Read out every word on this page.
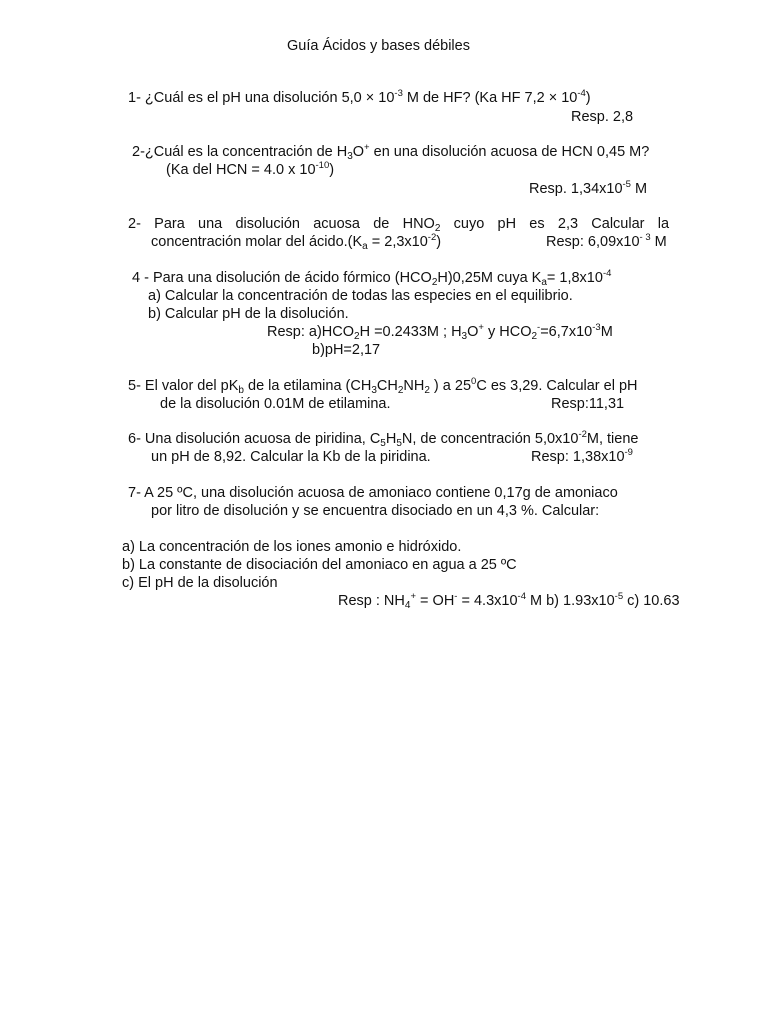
Guía Ácidos y bases débiles
1- ¿Cuál es el pH una disolución $5,0 \times 10^{-3}$ M de HF? (Ka HF $7,2 \times 10^{-4}$)
Resp. 2,8
2-¿Cuál es la concentración de $H_3O^+$ en una disolución acuosa de HCN 0,45 M?
(Ka del HCN = 4.0 x $10^{-10}$)
Resp. $1,34x10^{-5}$ M
2- Para una disolución acuosa de $HNO_2$ cuyo pH es 2,3 Calcular la
concentración molar del $ácido.(K_a = 2,3x10^{-2})$	Resp: $6,09x10^{- 3}$ M
4 - Para una disolución de ácido fórmico $(HCO_2H)0,25M$ cuya $K_a= 1,8x10^{-4}$
a) Calcular la concentración de todas las especies en el equilibrio.
b) Calcular pH de la disolución.
Resp: $a)HCO_2H =0.2433M$ ; $H_3O^+$ y $HCO_2^-=6,7x10^{-3}M$
b)pH=2,17
5- El valor del $pK_b$ de la etilamina ($CH_3CH_2NH_2$ ) a $25^0C$ es 3,29. Calcular el pH
de la disolución 0.01M de etilamina.	Resp:11,31
6- Una disolución acuosa de piridina, $C_5H_5N$, de concentración $5,0x10^{-2}M$, tiene
un pH de 8,92. Calcular la Kb de la piridina.	Resp: $1,38x10^{-9}$
7- A 25 ºC, una disolución acuosa de amoniaco contiene 0,17g de amoniaco
por litro de disolución y se encuentra disociado en un 4,3 %. Calcular:
a) La concentración de los iones amonio e hidróxido.
b) La constante de disociación del amoniaco en agua a 25 ºC
c) El pH de la disolución
Resp : $NH_4^+ = OH^- = 4.3x10^{-4}$ M b) $1.93x10^{-5}$ c) 10.63
